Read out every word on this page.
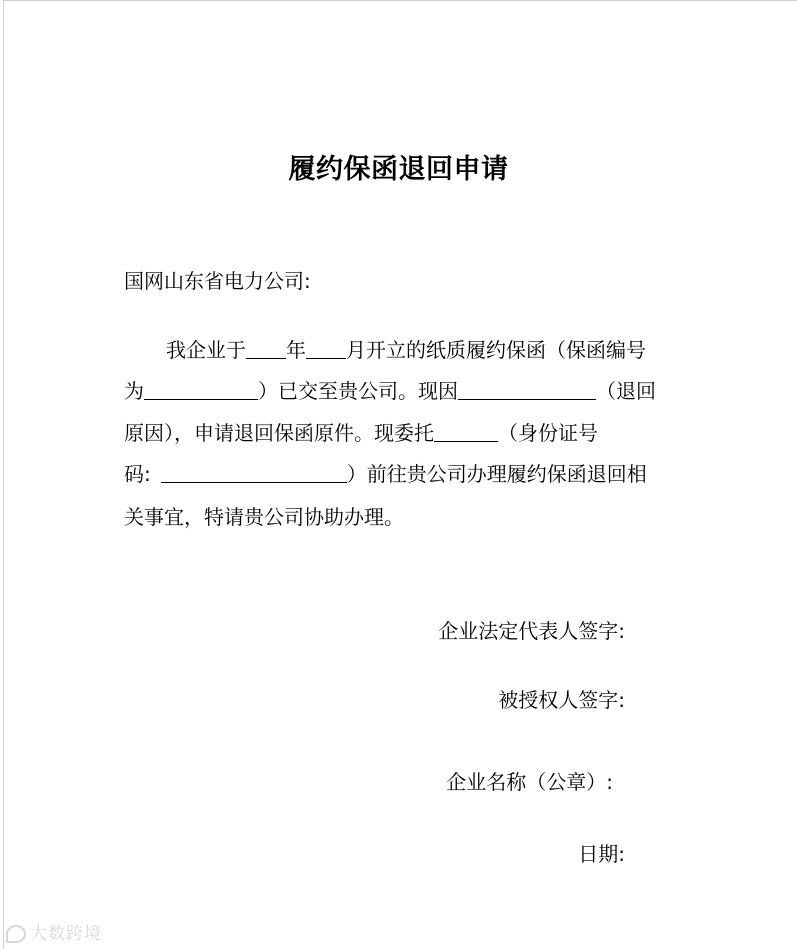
履约保函退回申请
国网山东省电力公司:
我企业于 年 月开立的纸质履约保函（保函编号
为	）已交至贵公司。现因	（退回
原因），申请退回保函原件。现委托	（身份证号
码:	）前往贵公司办理履约保函退回相
关事宜，特请贵公司协助办理。
企业法定代表人签字:
被授权人签字:
企业名称（公章）:
日期:
大数跨境
